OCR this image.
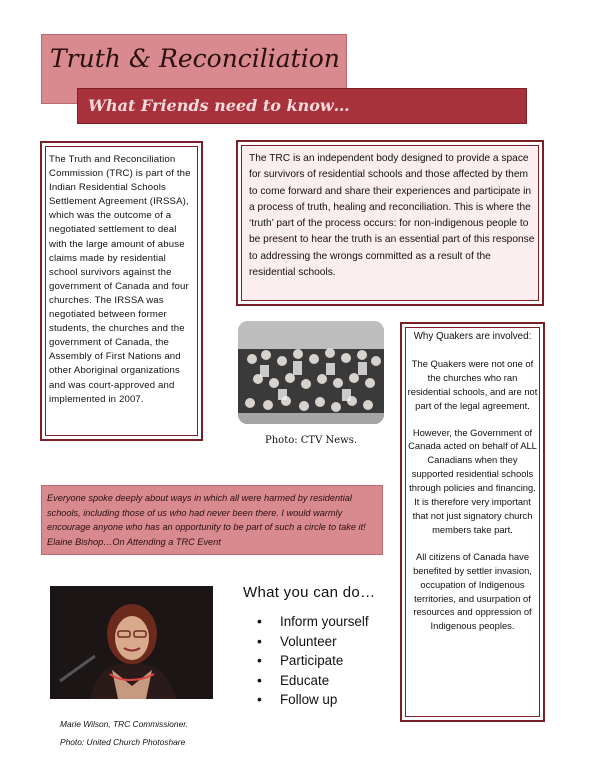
Truth & Reconciliation
What Friends need to know…
The Truth and Reconciliation Commission (TRC) is part of the Indian Residential Schools Settlement Agreement (IRSSA), which was the outcome of a negotiated settlement to deal with the large amount of abuse claims made by residential school survivors against the government of Canada and four churches. The IRSSA was negotiated between former students, the churches and the government of Canada, the Assembly of First Nations and other Aboriginal organizations and was court-approved and implemented in 2007.
The TRC is an independent body designed to provide a space for survivors of residential schools and those affected by them to come forward and share their experiences and participate in a process of truth, healing and reconciliation. This is where the ‘truth’ part of the process occurs: for non-indigenous people to be present to hear the truth is an essential part of this response to addressing the wrongs committed as a result of the residential schools.
Photo: CTV News.

Why Quakers are involved:

The Quakers were not one of the churches who ran residential schools, and are not part of the legal agreement.

However, the Government of Canada acted on behalf of ALL Canadians when they supported residential schools through policies and financing. It is therefore very important that not just signatory church members take part.

All citizens of Canada have benefited by settler invasion, occupation of Indigenous territories, and usurpation of resources and oppression of Indigenous peoples.

Everyone spoke deeply about ways in which all were harmed by residential schools, including those of us who had never been there. I would warmly encourage anyone who has an opportunity to be part of such a circle to take it! Elaine Bishop…On Attending a TRC Event
Marie Wilson, TRC Commissioner.
Photo: United Church Photoshare
What you can do…
• Inform yourself
• Volunteer
• Participate
• Educate
• Follow up
